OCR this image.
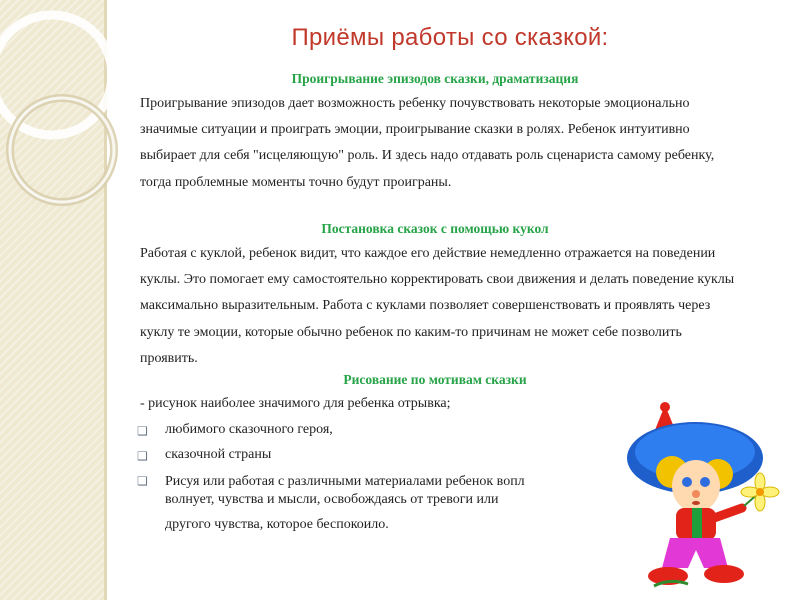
Приёмы работы со сказкой:
Проигрывание эпизодов сказки, драматизация

Проигрывание эпизодов дает возможность ребенку почувствовать некоторые эмоционально значимые ситуации и проиграть эмоции, проигрывание сказки в ролях. Ребенок интуитивно выбирает для себя "исцеляющую" роль. И здесь надо отдавать роль сценариста самому ребенку, тогда проблемные моменты точно будут проиграны.

Постановка сказок с помощью кукол

Работая с куклой, ребенок видит, что каждое его действие немедленно отражается на поведении куклы. Это помогает ему самостоятельно корректировать свои движения и делать поведение куклы максимально выразительным. Работа с куклами позволяет совершенствовать и проявлять через куклу те эмоции, которые обычно ребенок по каким-то причинам не может себе позволить проявить.

Рисование по мотивам сказки
- рисунок наиболее значимого для ребенка отрывка;
❑ любимого сказочного героя,
❑ сказочной страны
❑ Рисуя или работая с различными материалами ребенок вопл
волнует, чувства и мысли, освобождаясь от тревоги или
другого чувства, которое беспокоило.
